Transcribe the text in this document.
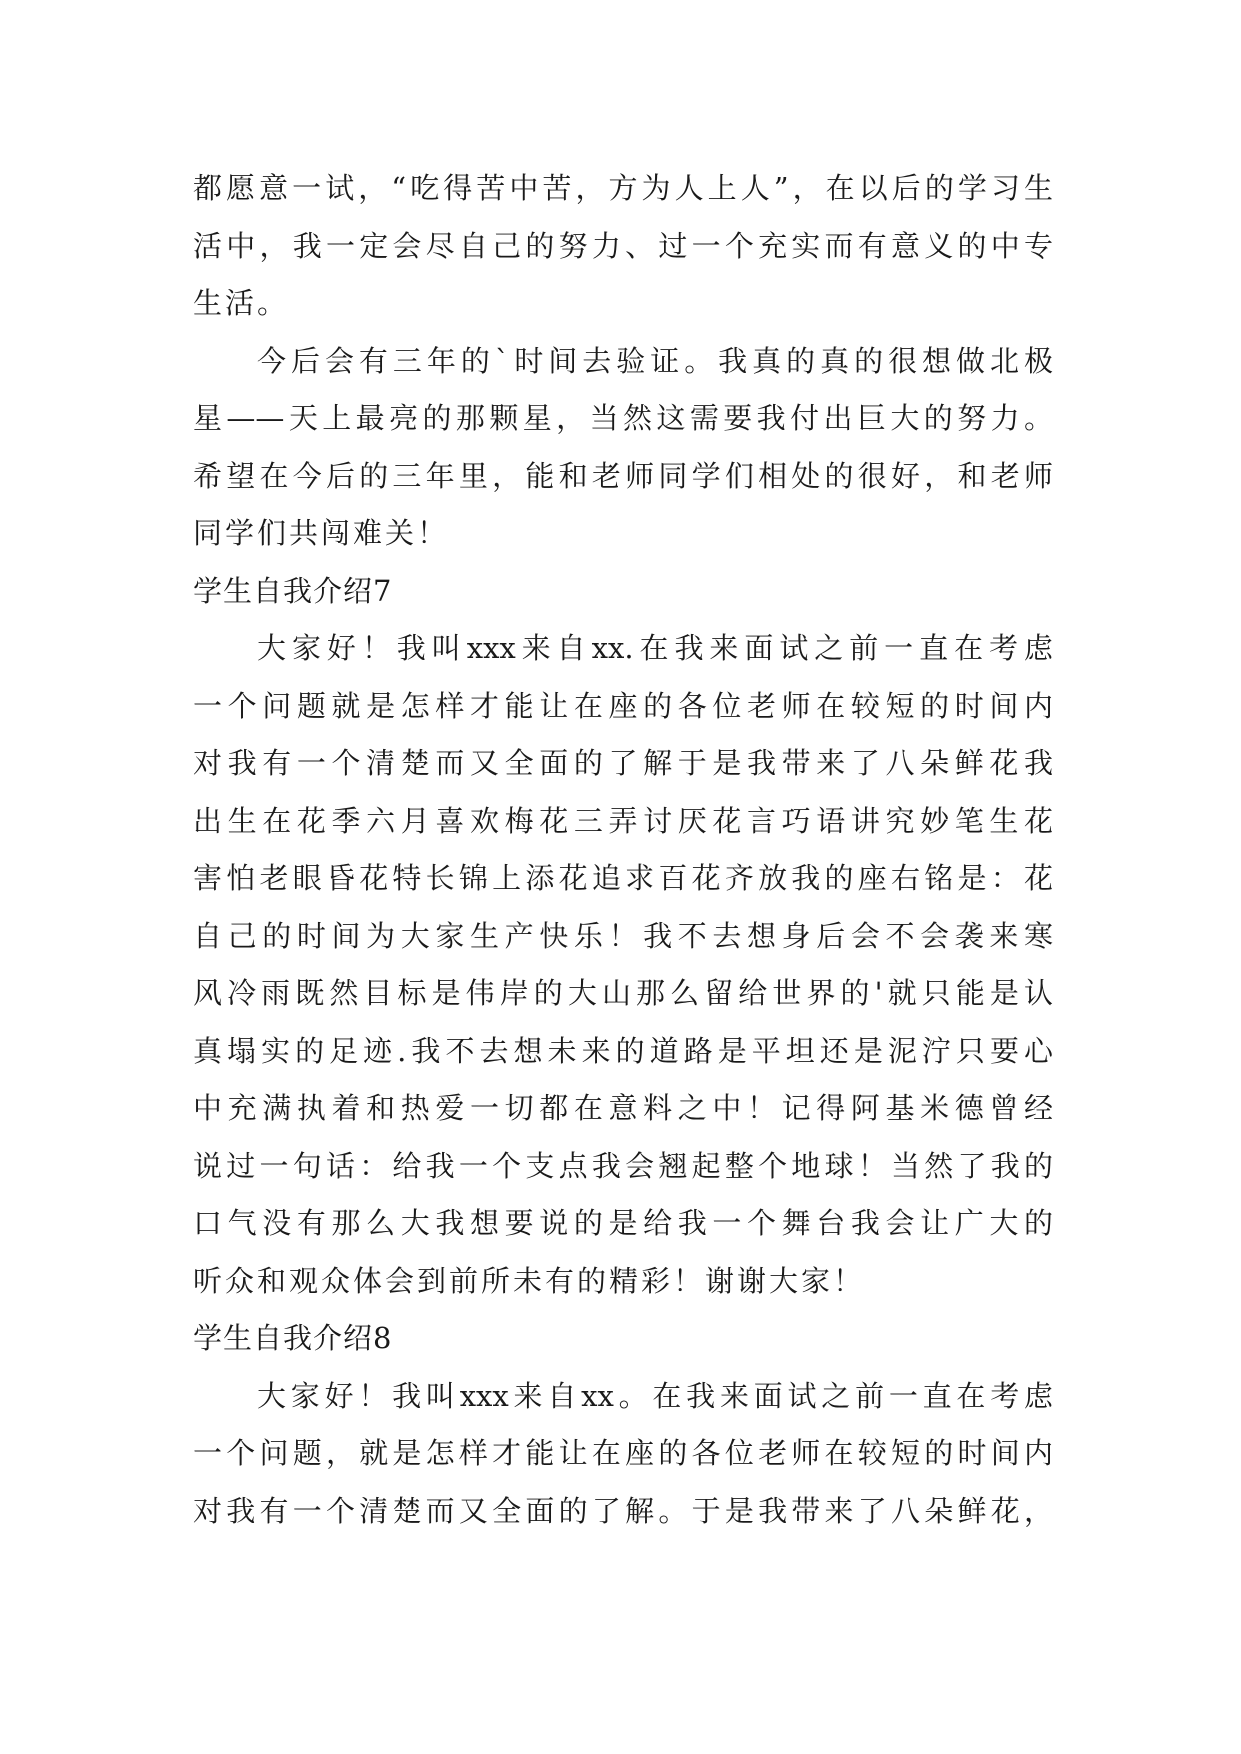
都愿意一试，“吃得苦中苦，方为人上人”，在以后的学习生
活中，我一定会尽自己的努力、过一个充实而有意义的中专
生活。
今后会有三年的`时间去验证。我真的真的很想做北极
星——天上最亮的那颗星，当然这需要我付出巨大的努力。
希望在今后的三年里，能和老师同学们相处的很好，和老师
同学们共闯难关！
学生自我介绍7
大家好！我叫xxx来自xx.在我来面试之前一直在考虑
一个问题就是怎样才能让在座的各位老师在较短的时间内
对我有一个清楚而又全面的了解于是我带来了八朵鲜花我
出生在花季六月喜欢梅花三弄讨厌花言巧语讲究妙笔生花
害怕老眼昏花特长锦上添花追求百花齐放我的座右铭是：花
自己的时间为大家生产快乐！我不去想身后会不会袭来寒
风冷雨既然目标是伟岸的大山那么留给世界的'就只能是认
真塌实的足迹.我不去想未来的道路是平坦还是泥泞只要心
中充满执着和热爱一切都在意料之中！记得阿基米德曾经
说过一句话：给我一个支点我会翘起整个地球！当然了我的
口气没有那么大我想要说的是给我一个舞台我会让广大的
听众和观众体会到前所未有的精彩！谢谢大家！
学生自我介绍8
大家好！我叫xxx来自xx。在我来面试之前一直在考虑
一个问题，就是怎样才能让在座的各位老师在较短的时间内
对我有一个清楚而又全面的了解。于是我带来了八朵鲜花，
